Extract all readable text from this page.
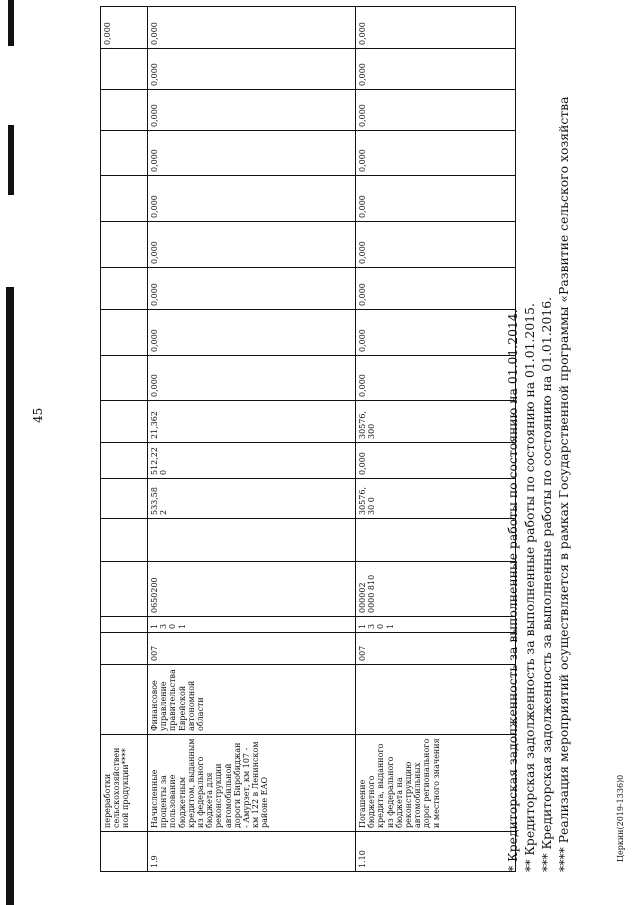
45
Церкин(2019-1336)0
	переработки сельскохозяйствен ной продукции****																	0,000
1.9	Начисленные проценты за пользование бюджетным кредитом, выданным из федерального бюджета для реконструкции автомобильной дороги Биробиджан - Амурзет, км 107 - км 122 в Ленинском районе ЕАО	Финансовое управление правительства Еврейской автономной области	007	1301	0650200		533,582	512,220	21,362	0,000	0,000	0,000	0,000	0,000	0,000	0,000	0,000	0,000
1.10	Погашение бюджетного кредита, выданного из федерального бюджета на реконструкцию автомобильных дорог регионального и местного значения		007	1301	000002 0000 810		30576,30 0	0,000	30576, 300	0,000	0,000	0,000	0,000	0,000	0,000	0,000	0,000	0,000
* Кредиторская задолженность за выполненные работы по состоянию на 01.01.2014. ** Кредиторская задолженность за выполненные работы по состоянию на 01.01.2015. *** Кредиторская задолженность за выполненные работы по состоянию на 01.01.2016. **** Реализация мероприятий осуществляется в рамках Государственной программы «Развитие сельского хозяйства
